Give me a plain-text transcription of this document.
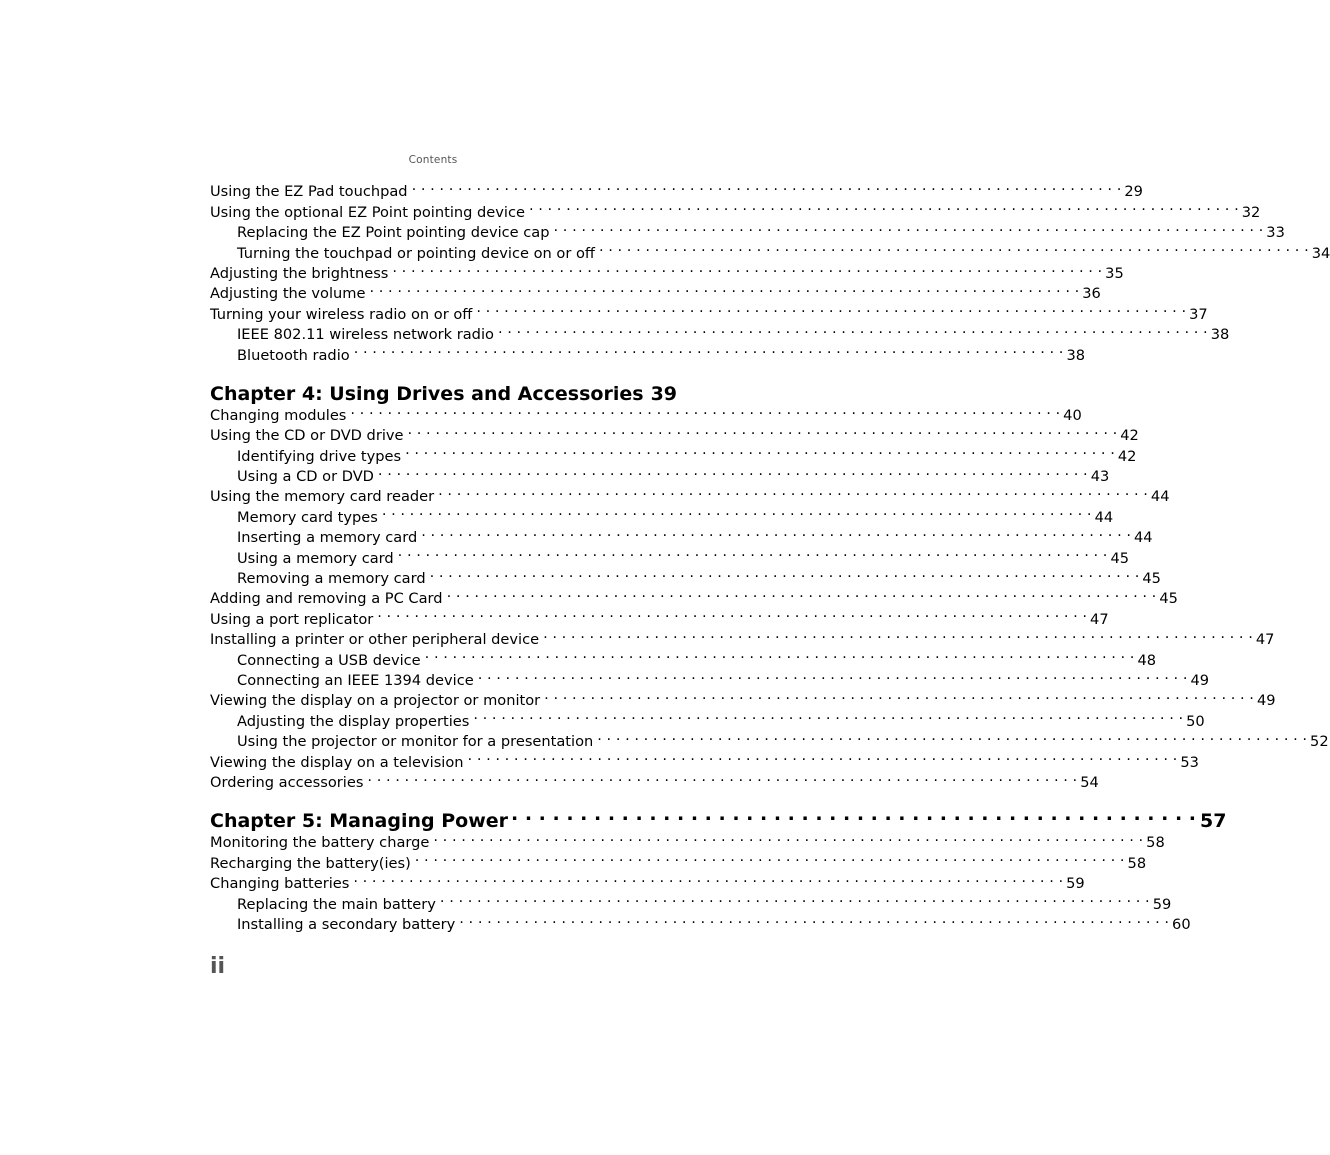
Contents
Using the EZ Pad touchpad . . .	29
Using the optional EZ Point pointing device . . .	32
Replacing the EZ Point pointing device cap . . .	33
Turning the touchpad or pointing device on or off . . .	34
Adjusting the brightness . . .	35
Adjusting the volume . . .	36
Turning your wireless radio on or off . . .	37
IEEE 802.11 wireless network radio . . .	38
Bluetooth radio . . .	38
Chapter 4: Using Drives and Accessories 39
Changing modules . . .	40
Using the CD or DVD drive . . .	42
Identifying drive types . . .	42
Using a CD or DVD . . .	43
Using the memory card reader . . .	44
Memory card types . . .	44
Inserting a memory card . . .	44
Using a memory card . . .	45
Removing a memory card . . .	45
Adding and removing a PC Card . . .	45
Using a port replicator . . .	47
Installing a printer or other peripheral device . . .	47
Connecting a USB device . . .	48
Connecting an IEEE 1394 device . . .	49
Viewing the display on a projector or monitor . . .	49
Adjusting the display properties . . .	50
Using the projector or monitor for a presentation . . .	52
Viewing the display on a television . . .	53
Ordering accessories . . .	54
Chapter 5: Managing Power . . .	57
Monitoring the battery charge . . .	58
Recharging the battery(ies) . . .	58
Changing batteries . . .	59
Replacing the main battery . . .	59
Installing a secondary battery . . .	60
ii
